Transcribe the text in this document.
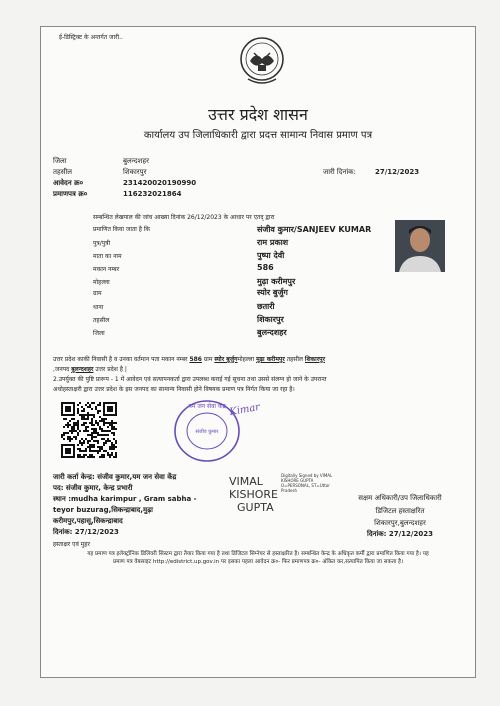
ई-डिस्ट्रिक्ट के अन्तर्गत जारी..
उत्तर प्रदेश शासन
कार्यालय उप जिलाधिकारी द्वारा प्रदत्त सामान्य निवास प्रमाण पत्र
जिला	बुलन्दशहर
तहसील	शिकारपुर
आवेदन क्र०	231420020190990
प्रमाणपत्र क्र०	116232021864
जारी दिनांक:	27/12/2023
सम्बन्धित लेखपाल की जांच आख्या दिनांक 26/12/2023 के आधार पर एतद् द्वारा
प्रमाणित किया जाता है कि	संजीव कुमार/SANJEEV KUMAR
पुत्र/पुत्री	राम प्रकाश
माता का नाम	पुष्पा देवी
मकान नम्बर	586
मोहल्ला	मुढ़ा करीमपुर
ग्राम	स्योर बुर्जुग
थाना	छतारी
तहसील	शिकारपुर
जिला	बुलन्दशहर
उत्तर प्रदेश काकी निवासी है व उनका वर्तमान पता मकान नम्बर 586 ग्राम स्योर बुर्जुगमोहल्ला मुढ़ा करीमपुर तहसील शिकारपुर
,जनपद बुलन्दशहर उत्तर प्रदेश है |
2.उपर्युक्त की पुष्टि प्रारूप - 1 में आवेदन एवं सत्यापनकर्ता द्वारा उपलब्ध कराई गई सूचना तथा उससे संलग्न हो जाने के उपरान्त
अधोहस्ताक्षरी द्वारा उत्तर प्रदेश के इस जनपद का सामान्य निवासी होने विषयक प्रमाण पत्र निर्गत किया जा रहा है।
यम जन सेवा केंद्र
संजीव कुमार
Kimar
जारी कर्ता केन्द्र: संजीव कुमार,यम जन सेवा केंद्र
पद: संजीव कुमार, केन्द्र प्रभारी
स्थान :mudha karimpur , Gram sabha -
teyor buzurag,सिकन्द्राबाद,मुढ़ा
करीमपुर,पहासू,सिकन्द्राबाद
दिनांक: 27/12/2023
हस्ताक्षर एवं मुहर
VIMAL
KISHORE
GUPTA
Digitally Signed by VIMAL
KISHORE GUPTA
O=PERSONAL, ST=Uttar
Pradesh
सक्षम अधिकारी/उप जिलाधिकारी
डिजिटल हस्ताक्षरित
शिकारपुर,बुलन्दशहर
दिनांक: 27/12/2023
यह प्रमाण पत्र इलेक्ट्रॉनिक डिलिवरी सिस्टम द्वारा तैयार किया गया है तथा डिजिटल सिग्नेचर से हस्ताक्षरित है। सम्बन्धित केन्द्र के अधिकृत कर्मी द्वारा प्रमाणित किया गया है। यह
प्रमाण पत्र वेबसाइट http://edistrict.up.gov.in पर इसका पहला आवेदन क्र०- फिर प्रमाणपत्र क्र०- अंकित कर,सत्यापित किया जा सकता है।
